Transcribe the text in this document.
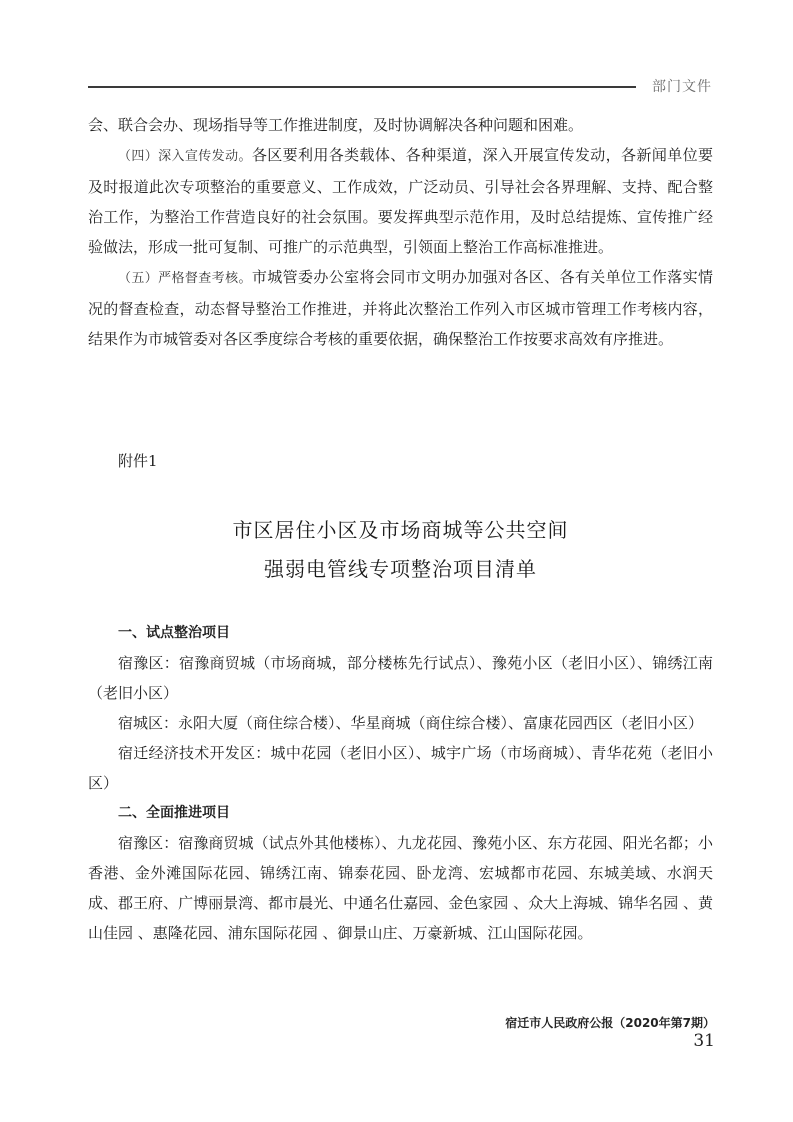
部门文件

会、联合会办、现场指导等工作推进制度，及时协调解决各种问题和困难。

（四）深入宣传发动。各区要利用各类载体、各种渠道，深入开展宣传发动，各新闻单位要及时报道此次专项整治的重要意义、工作成效，广泛动员、引导社会各界理解、支持、配合整治工作，为整治工作营造良好的社会氛围。要发挥典型示范作用，及时总结提炼、宣传推广经验做法，形成一批可复制、可推广的示范典型，引领面上整治工作高标准推进。

（五）严格督查考核。市城管委办公室将会同市文明办加强对各区、各有关单位工作落实情况的督查检查，动态督导整治工作推进，并将此次整治工作列入市区城市管理工作考核内容，结果作为市城管委对各区季度综合考核的重要依据，确保整治工作按要求高效有序推进。

附件1
市区居住小区及市场商城等公共空间
强弱电管线专项整治项目清单

一、试点整治项目

宿豫区：宿豫商贸城（市场商城，部分楼栋先行试点）、豫苑小区（老旧小区）、锦绣江南（老旧小区）

宿城区：永阳大厦（商住综合楼）、华星商城（商住综合楼）、富康花园西区（老旧小区）

宿迁经济技术开发区：城中花园（老旧小区）、城宇广场（市场商城）、青华花苑（老旧小区）

二、全面推进项目

宿豫区：宿豫商贸城（试点外其他楼栋）、九龙花园、豫苑小区、东方花园、阳光名都；小香港、金外滩国际花园、锦绣江南、锦泰花园、卧龙湾、宏城都市花园、东城美域、水润天成、郡王府、广博丽景湾、都市晨光、中通名仕嘉园、金色家园 、众大上海城、锦华名园 、黄山佳园 、惠隆花园、浦东国际花园 、御景山庄、万豪新城、江山国际花园。

宿迁市人民政府公报（2020年第7期）31
